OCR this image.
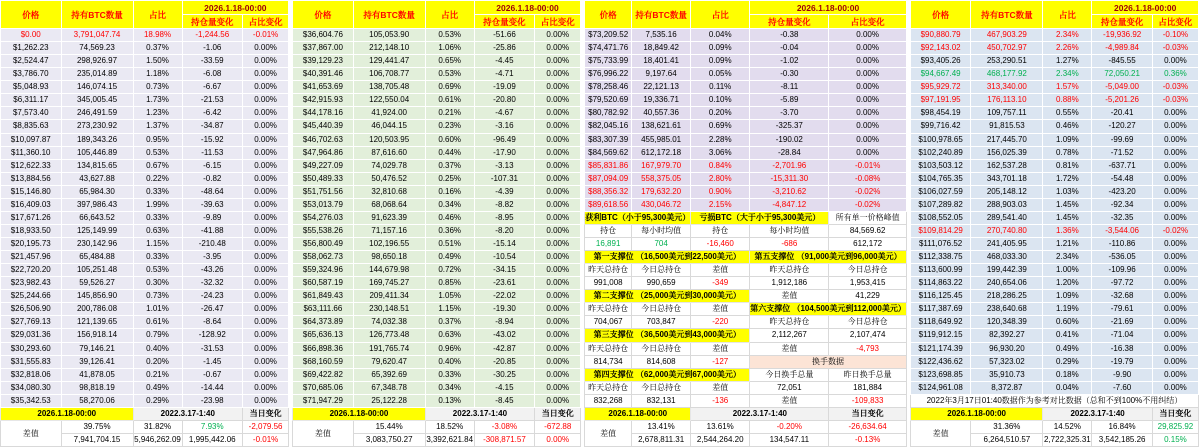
价格	持有BTC数量	占比	2026.1.18-00:00	
			持仓量变化	占比变化
$0.00	3,791,047.74	18.98%	-1,244.56	-0.01%
$1,262.23	74,569.23	0.37%	-1.06	0.00%
$2,524.47	298,926.97	1.50%	-33.59	0.00%
$3,786.70	235,014.89	1.18%	-6.08	0.00%
$5,048.93	146,074.15	0.73%	-6.67	0.00%
$6,311.17	345,005.45	1.73%	-21.53	0.00%
$7,573.40	246,491.59	1.23%	-6.42	0.00%
$8,835.63	273,230.92	1.37%	-34.87	0.00%
$10,097.87	189,343.26	0.95%	-15.92	0.00%
$11,360.10	105,446.89	0.53%	-11.53	0.00%
$12,622.33	134,815.65	0.67%	-6.15	0.00%
$13,884.56	43,627.88	0.22%	-0.82	0.00%
$15,146.80	65,984.30	0.33%	-48.64	0.00%
$16,409.03	397,986.43	1.99%	-39.63	0.00%
$17,671.26	66,643.52	0.33%	-9.89	0.00%
$18,933.50	125,149.99	0.63%	-41.88	0.00%
$20,195.73	230,142.96	1.15%	-210.48	0.00%
$21,457.96	65,484.88	0.33%	-3.95	0.00%
$22,720.20	105,251.48	0.53%	-43.26	0.00%
$23,982.43	59,526.27	0.30%	-32.32	0.00%
$25,244.66	145,856.90	0.73%	-24.23	0.00%
$26,506.90	200,786.08	1.01%	-26.47	0.00%
$27,769.13	121,139.65	0.61%	-8.64	0.00%
$29,031.36	156,918.14	0.79%	-128.92	0.00%
$30,293.60	79,146.21	0.40%	-31.53	0.00%
$31,555.83	39,126.41	0.20%	-1.45	0.00%
$32,818.06	41,878.05	0.21%	-0.67	0.00%
$34,080.30	98,818.19	0.49%	-14.44	0.00%
$35,342.53	58,270.06	0.29%	-23.98	0.00%
2026.1.18-00:00		2022.3.17-1:40		当日变化
差值	39.75%	31.82%	7.93%	-2,079.56
	7,941,704.15	5,946,262.09	1,995,442.06	-0.01%
价格	持有BTC数量	占比	2026.1.18-00:00	
			持仓量变化	占比变化
$36,604.76	105,053.90	0.53%	-51.66	0.00%
$37,867.00	212,148.10	1.06%	-25.86	0.00%
$39,129.23	129,441.47	0.65%	-4.45	0.00%
$40,391.46	106,708.77	0.53%	-4.71	0.00%
$41,653.69	138,705.48	0.69%	-19.09	0.00%
$42,915.93	122,550.04	0.61%	-20.80	0.00%
$44,178.16	41,924.00	0.21%	-4.67	0.00%
$45,440.39	46,044.15	0.23%	-3.16	0.00%
$46,702.63	120,503.95	0.60%	-96.49	0.00%
$47,964.86	87,616.60	0.44%	-17.90	0.00%
$49,227.09	74,029.78	0.37%	-3.13	0.00%
$50,489.33	50,476.52	0.25%	-107.31	0.00%
$51,751.56	32,810.68	0.16%	-4.39	0.00%
$53,013.79	68,068.64	0.34%	-8.82	0.00%
$54,276.03	91,623.39	0.46%	-8.95	0.00%
$55,538.26	71,157.16	0.36%	-8.20	0.00%
$56,800.49	102,196.55	0.51%	-15.14	0.00%
$58,062.73	98,650.18	0.49%	-10.54	0.00%
$59,324.96	144,679.98	0.72%	-34.15	0.00%
$60,587.19	169,745.27	0.85%	-23.61	0.00%
$61,849.43	209,411.34	1.05%	-22.02	0.00%
$63,111.66	230,148.51	1.15%	-19.30	0.00%
$64,373.89	74,032.38	0.37%	-8.94	0.00%
$65,636.13	126,773.48	0.63%	-43.02	0.00%
$66,898.36	191,765.74	0.96%	-42.87	0.00%
$68,160.59	79,620.47	0.40%	-20.85	0.00%
$69,422.82	65,392.69	0.33%	-30.25	0.00%
$70,685.06	67,348.78	0.34%	-4.15	0.00%
$71,947.29	25,122.28	0.13%	-8.45	0.00%
2026.1.18-00:00		2022.3.17-1:40		当日变化
差值	15.44%	18.52%	-3.08%	-672.88
	3,083,750.27	3,392,621.84	-308,871.57	0.00%
价格	持有BTC数量	占比	2026.1.18-00:00	
			持仓量变化	占比变化
$73,209.52	7,535.16	0.04%	-0.38	0.00%
$74,471.76	18,849.42	0.09%	-0.04	0.00%
$75,733.99	18,401.41	0.09%	-1.02	0.00%
$76,996.22	9,197.64	0.05%	-0.30	0.00%
$78,258.46	22,121.13	0.11%	-8.11	0.00%
$79,520.69	19,336.71	0.10%	-5.89	0.00%
$80,782.92	40,557.36	0.20%	-3.70	0.00%
$82,045.16	138,621.61	0.69%	-325.37	0.00%
$83,307.39	455,985.01	2.28%	-190.02	0.00%
$84,569.62	612,172.18	3.06%	-28.84	0.00%
$85,831.86	167,979.70	0.84%	-2,701.96	-0.01%
$87,094.09	558,375.05	2.80%	-15,311.30	-0.08%
$88,356.32	179,632.20	0.90%	-3,210.62	-0.02%
$89,618.56	430,046.72	2.15%	-4,847.12	-0.02%
获利BTC（小于95,300美元）		亏损BTC（大于小于95,300美元）		所有单一价格峰值
持仓	每小时均值	持仓	每小时均值	84,569.62
16,891	704	-16,460	-686	612,172
第一支撑位 （16,500美元到22,500美元）			第五支撑位 （91,000美元到96,000美元）	
昨天总持仓	今日总持仓	差值	昨天总持仓	今日总持仓
991,008	990,659	-349	1,912,186	1,953,415
第二支撑位 （25,000美元到30,000美元）			差值	41,229
昨天总持仓	今日总持仓	差值	第六支撑位 （104,500美元到112,000美元）	
704,067	703,847	-220	昨天总持仓	今日总持仓
第三支撑位 （36,500美元到43,000美元）			2,112,267	2,107,474
昨天总持仓	今日总持仓	差值	差值	-4,793
814,734	814,608	-127	换手数据	
第四支撑位 （62,000美元到67,000美元）			今日换手总量	昨日换手总量
昨天总持仓	今日总持仓	差值	72,051	181,884
832,268	832,131	-136	差值	-109,833
2026.1.18-00:00		2022.3.17-1:40		当日变化
差值	13.41%	13.61%	-0.20%	-26,634.64
	2,678,811.31	2,544,264.20	134,547.11	-0.13%
价格	持有BTC数量	占比	2026.1.18-00:00	
			持仓量变化	占比变化
$90,880.79	467,903.29	2.34%	-19,936.92	-0.10%
$92,143.02	450,702.97	2.26%	-4,989.84	-0.03%
$93,405.26	253,290.51	1.27%	-845.55	0.00%
$94,667.49	468,177.92	2.34%	72,050.21	0.36%
$95,929.72	313,340.00	1.57%	-5,049.00	-0.03%
$97,191.95	176,113.10	0.88%	-5,201.26	-0.03%
$98,454.19	109,757.11	0.55%	-20.41	0.00%
$99,716.42	91,815.53	0.46%	-120.27	0.00%
$100,978.65	217,445.70	1.09%	-99.69	0.00%
$102,240.89	156,025.39	0.78%	-71.52	0.00%
$103,503.12	162,537.28	0.81%	-637.71	0.00%
$104,765.35	343,701.18	1.72%	-54.48	0.00%
$106,027.59	205,148.12	1.03%	-423.20	0.00%
$107,289.82	288,903.03	1.45%	-92.34	0.00%
$108,552.05	289,541.40	1.45%	-32.35	0.00%
$109,814.29	270,740.80	1.36%	-3,544.06	-0.02%
$111,076.52	241,405.95	1.21%	-110.86	0.00%
$112,338.75	468,033.30	2.34%	-536.05	0.00%
$113,600.99	199,442.39	1.00%	-109.96	0.00%
$114,863.22	240,654.06	1.20%	-97.72	0.00%
$116,125.45	218,286.25	1.09%	-32.68	0.00%
$117,387.69	238,640.68	1.19%	-79.61	0.00%
$118,649.92	120,348.39	0.60%	-21.69	0.00%
$119,912.15	82,392.27	0.41%	-71.04	0.00%
$121,174.39	96,930.20	0.49%	-16.38	0.00%
$122,436.62	57,323.02	0.29%	-19.79	0.00%
$123,698.85	35,910.73	0.18%	-9.90	0.00%
$124,961.08	8,372.87	0.04%	-7.60	0.00%
2022年3月17日01:40数据作为参考对比数据（总和不到100%不用纠结）				
2026.1.18-00:00		2022.3.17-1:40		当日变化
差值	31.36%	14.52%	16.84%	29,825.92
	6,264,510.57	2,722,325.31	3,542,185.26	0.15%
